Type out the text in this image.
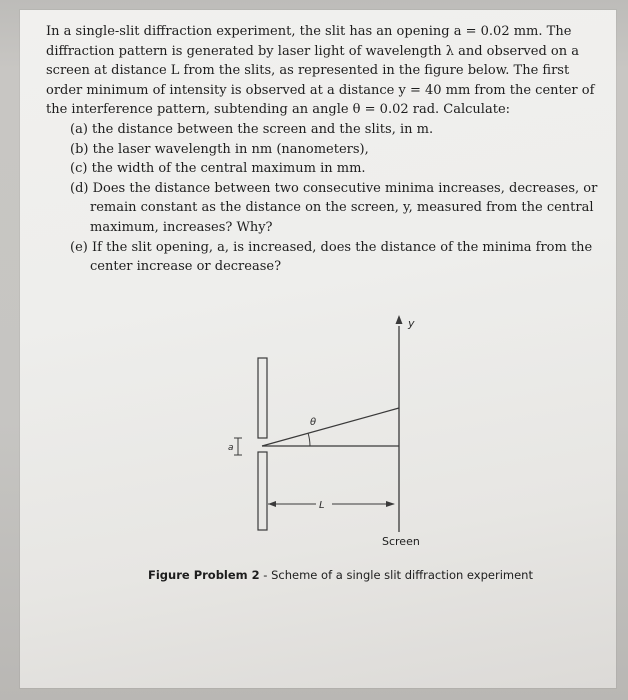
In a single-slit diffraction experiment, the slit has an opening a = 0.02 mm. The diffraction pattern is generated by laser light of wavelength λ and observed on a screen at distance L from the slits, as represented in the figure below. The first order minimum of intensity is observed at a distance y = 40 mm from the center of the interference pattern, subtending an angle θ = 0.02 rad. Calculate:

(a) the distance between the screen and the slits, in m.

(b) the laser wavelength in nm (nanometers),

(c) the width of the central maximum in mm.

(d) Does the distance between two consecutive minima increases, decreases, or remain constant as the distance on the screen, y, measured from the central maximum, increases? Why?

(e) If the slit opening, a, is increased, does the distance of the minima from the center increase or decrease?

y
θ
a
L
Screen
Figure Problem 2 - Scheme of a single slit diffraction experiment
